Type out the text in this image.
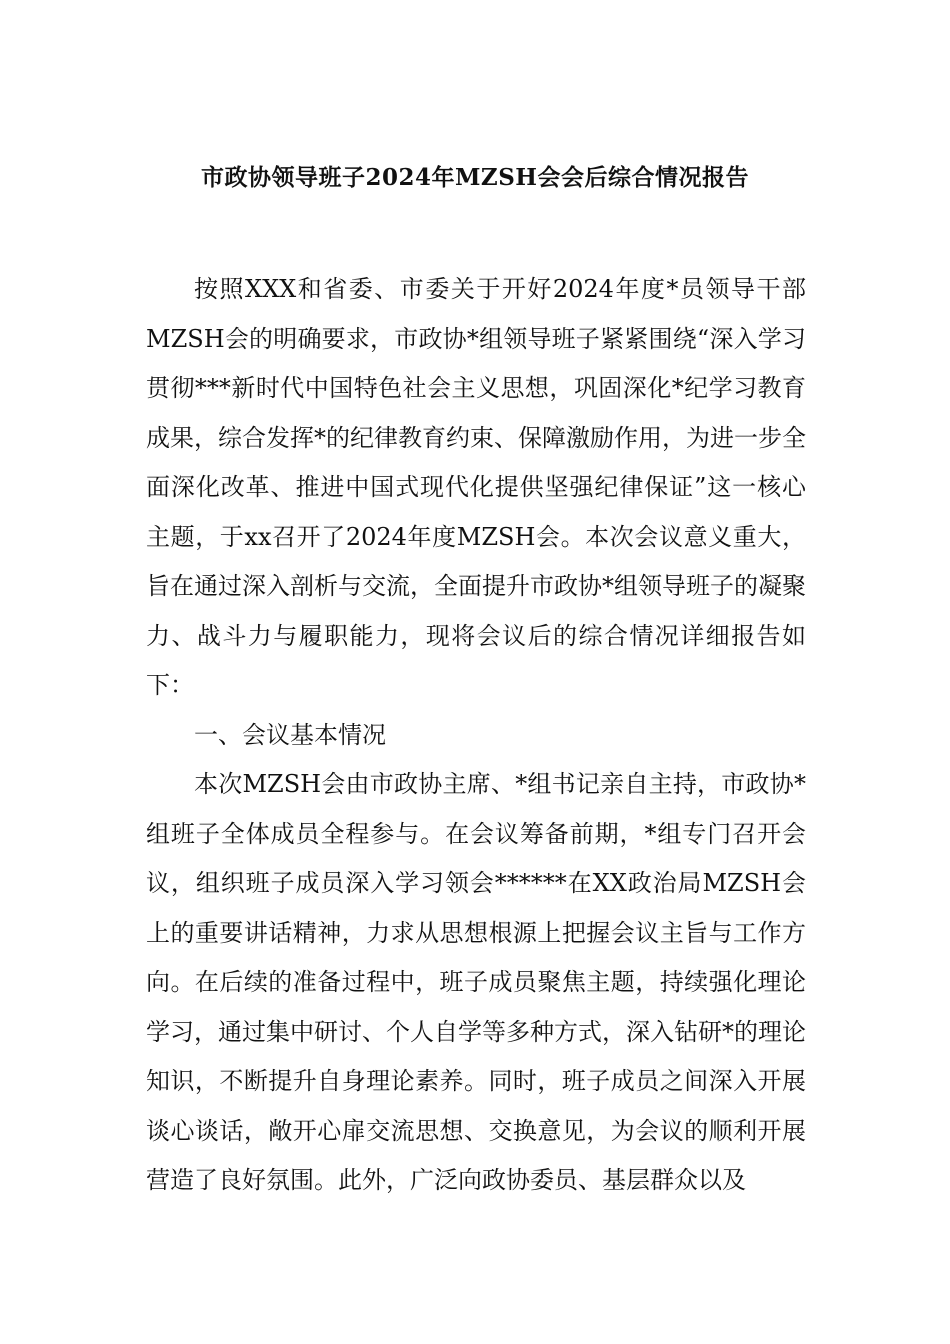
市政协领导班子2024年MZSH会会后综合情况报告

按照XXX和省委、市委关于开好2024年度*员领导干部MZSH会的明确要求，市政协*组领导班子紧紧围绕“深入学习贯彻***新时代中国特色社会主义思想，巩固深化*纪学习教育成果，综合发挥*的纪律教育约束、保障激励作用，为进一步全面深化改革、推进中国式现代化提供坚强纪律保证”这一核心主题，于xx召开了2024年度MZSH会。本次会议意义重大，旨在通过深入剖析与交流，全面提升市政协*组领导班子的凝聚力、战斗力与履职能力，现将会议后的综合情况详细报告如下：

一、会议基本情况

本次MZSH会由市政协主席、*组书记亲自主持，市政协*组班子全体成员全程参与。在会议筹备前期，*组专门召开会议，组织班子成员深入学习领会******在XX政治局MZSH会上的重要讲话精神，力求从思想根源上把握会议主旨与工作方向。在后续的准备过程中，班子成员聚焦主题，持续强化理论学习，通过集中研讨、个人自学等多种方式，深入钻研*的理论知识，不断提升自身理论素养。同时，班子成员之间深入开展谈心谈话，敞开心扉交流思想、交换意见，为会议的顺利开展营造了良好氛围。此外，广泛向政协委员、基层群众以及
